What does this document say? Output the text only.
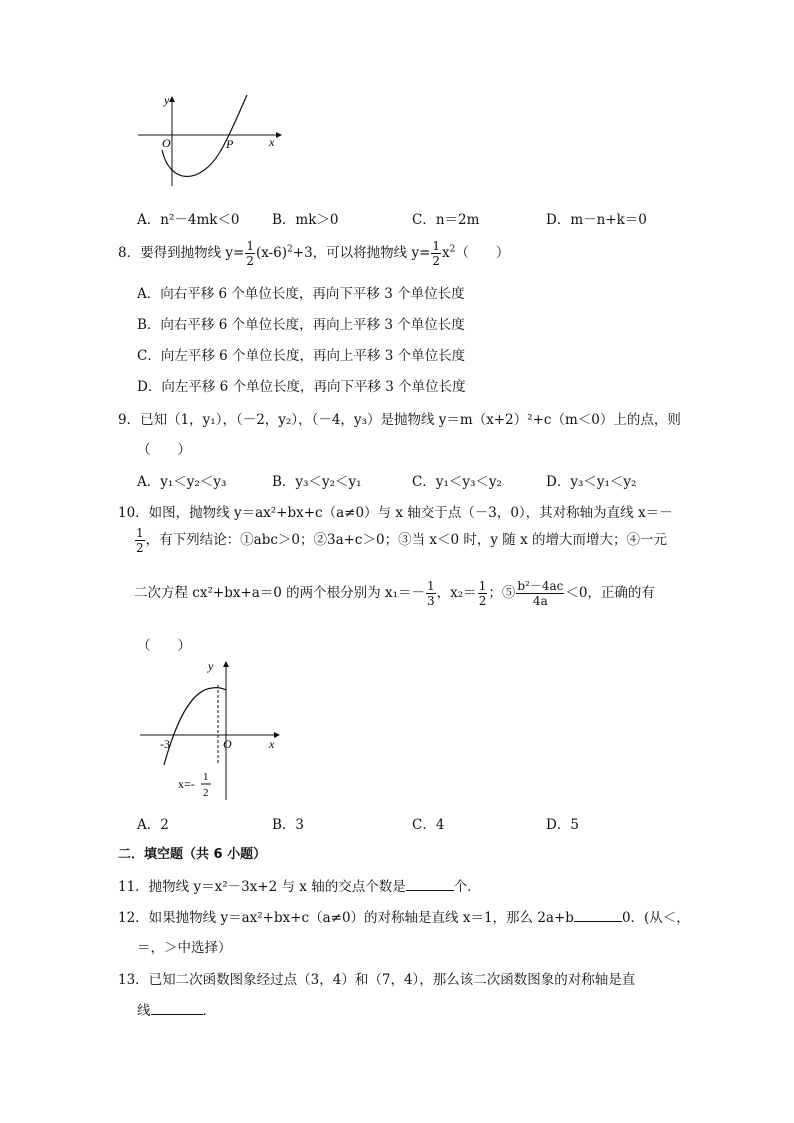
y
x
O	P
A．n²－4mk＜0 B．mk＞0	C．n＝2m	D．m－n+k＝0
8．要得到抛物线 $y= \frac{1}{2} (x-6)^2+3$，可以将抛物线 $y= \frac{1}{2} x^2$（　　）
A．向右平移 6 个单位长度，再向下平移 3 个单位长度
B．向右平移 6 个单位长度，再向上平移 3 个单位长度
C．向左平移 6 个单位长度，再向上平移 3 个单位长度
D．向左平移 6 个单位长度，再向下平移 3 个单位长度
9．已知（1，y₁），（－2，y₂），（－4，y₃）是抛物线 y＝m（x+2）²+c（m＜0）上的点，则
（　　）
A．y₁＜y₂＜y₃	B．y₃＜y₂＜y₁	C．y₁＜y₃＜y₂	D．y₃＜y₁＜y₂
10．如图，抛物线 y＝ax²+bx+c（a≠0）与 x 轴交于点（－3，0），其对称轴为直线 x＝－
$\frac{1}{2}$ ，有下列结论：①abc＞0；②3a+c＞0；③当 x＜0 时，y 随 x 的增大而增大；④一元
二次方程 cx²+bx+a＝0 的两个根分别为 $x_1=- \frac{1}{3}$ ，$x_2= \frac{1}{2}$ ；⑤ $\frac{\text{b²－4ac}}{4a} <0$，正确的有
（　　）
y
x
O
-3
x=- 1
2
A．2	B．3	C．4	D．5
二．填空题（共 6 小题）
11．抛物线 y＝x²－3x+2 与 x 轴的交点个数是	个．
12．如果抛物线 y＝ax²+bx+c（a≠0）的对称轴是直线 x＝1，那么 2a+b	0．(从＜，
＝，＞中选择）
13．已知二次函数图象经过点（3，4）和（7，4），那么该二次函数图象的对称轴是直
线	．
